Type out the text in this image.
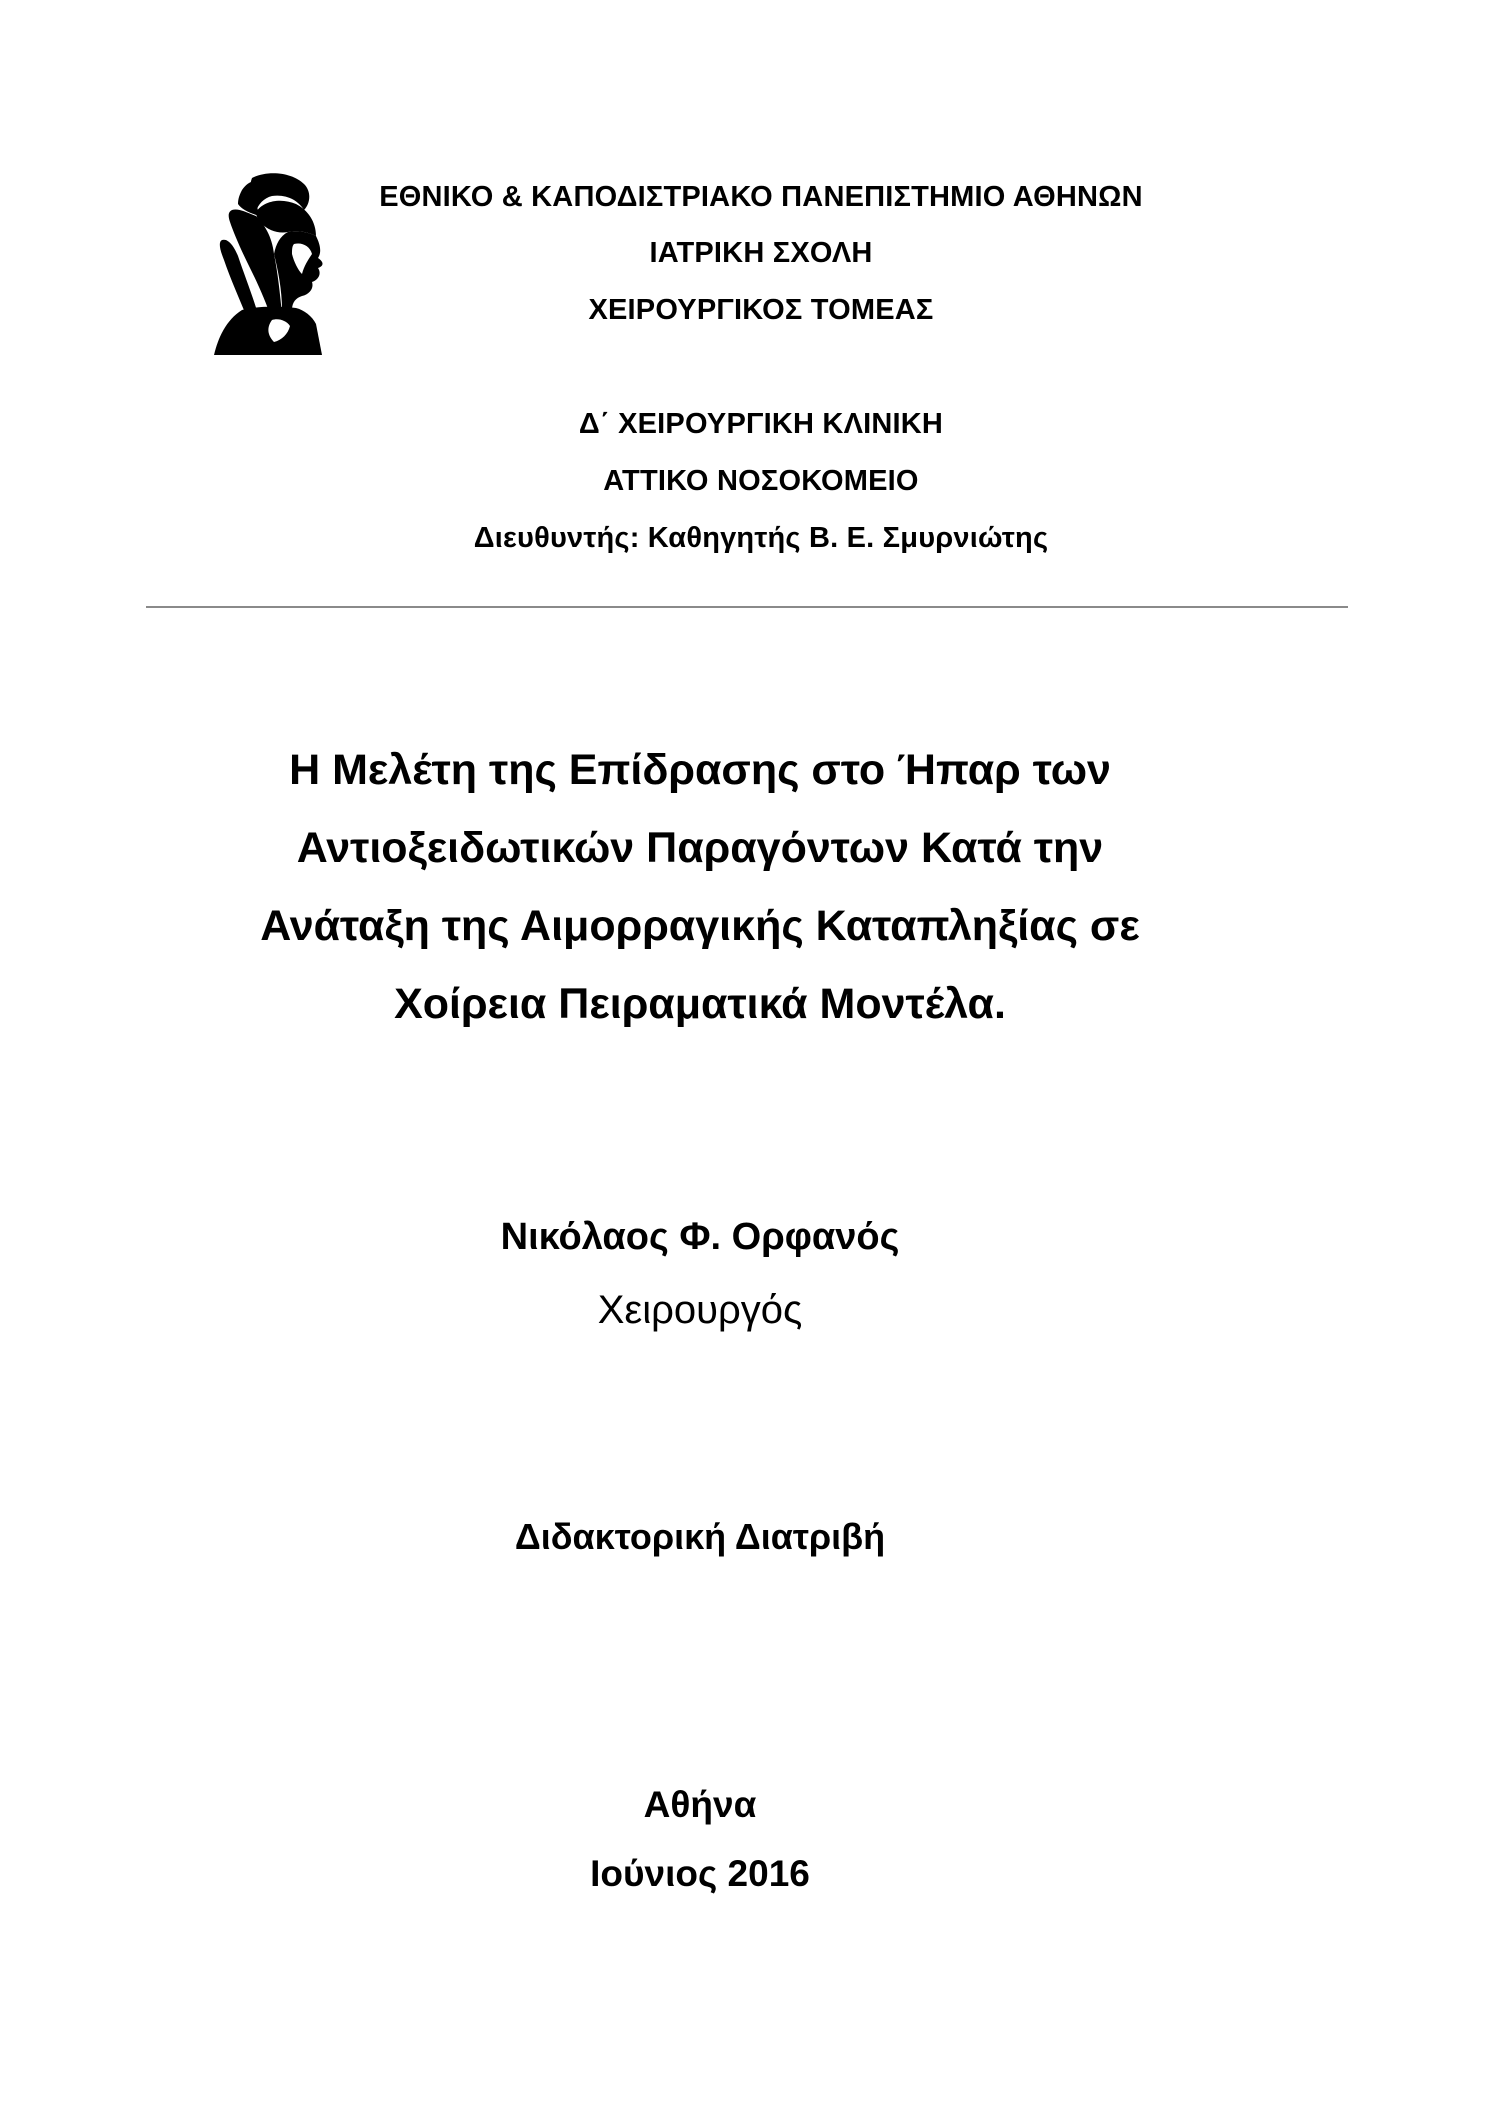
ΕΘΝΙΚΟ & ΚΑΠΟΔΙΣΤΡΙΑΚΟ ΠΑΝΕΠΙΣΤΗΜΙΟ ΑΘΗΝΩΝ
ΙΑΤΡΙΚΗ ΣΧΟΛΗ
ΧΕΙΡΟΥΡΓΙΚΟΣ ΤΟΜΕΑΣ
Δ΄ ΧΕΙΡΟΥΡΓΙΚΗ ΚΛΙΝΙΚΗ
ΑΤΤΙΚΟ ΝΟΣΟΚΟΜΕΙΟ
Διευθυντής: Καθηγητής Β. Ε. Σμυρνιώτης
Η Μελέτη της Επίδρασης στο Ήπαρ των
Αντιοξειδωτικών Παραγόντων Κατά την
Ανάταξη της Αιμορραγικής Καταπληξίας σε
Χοίρεια Πειραματικά Μοντέλα.
Νικόλαος Φ. Ορφανός
Χειρουργός
Διδακτορική Διατριβή
Αθήνα
Ιούνιος 2016
